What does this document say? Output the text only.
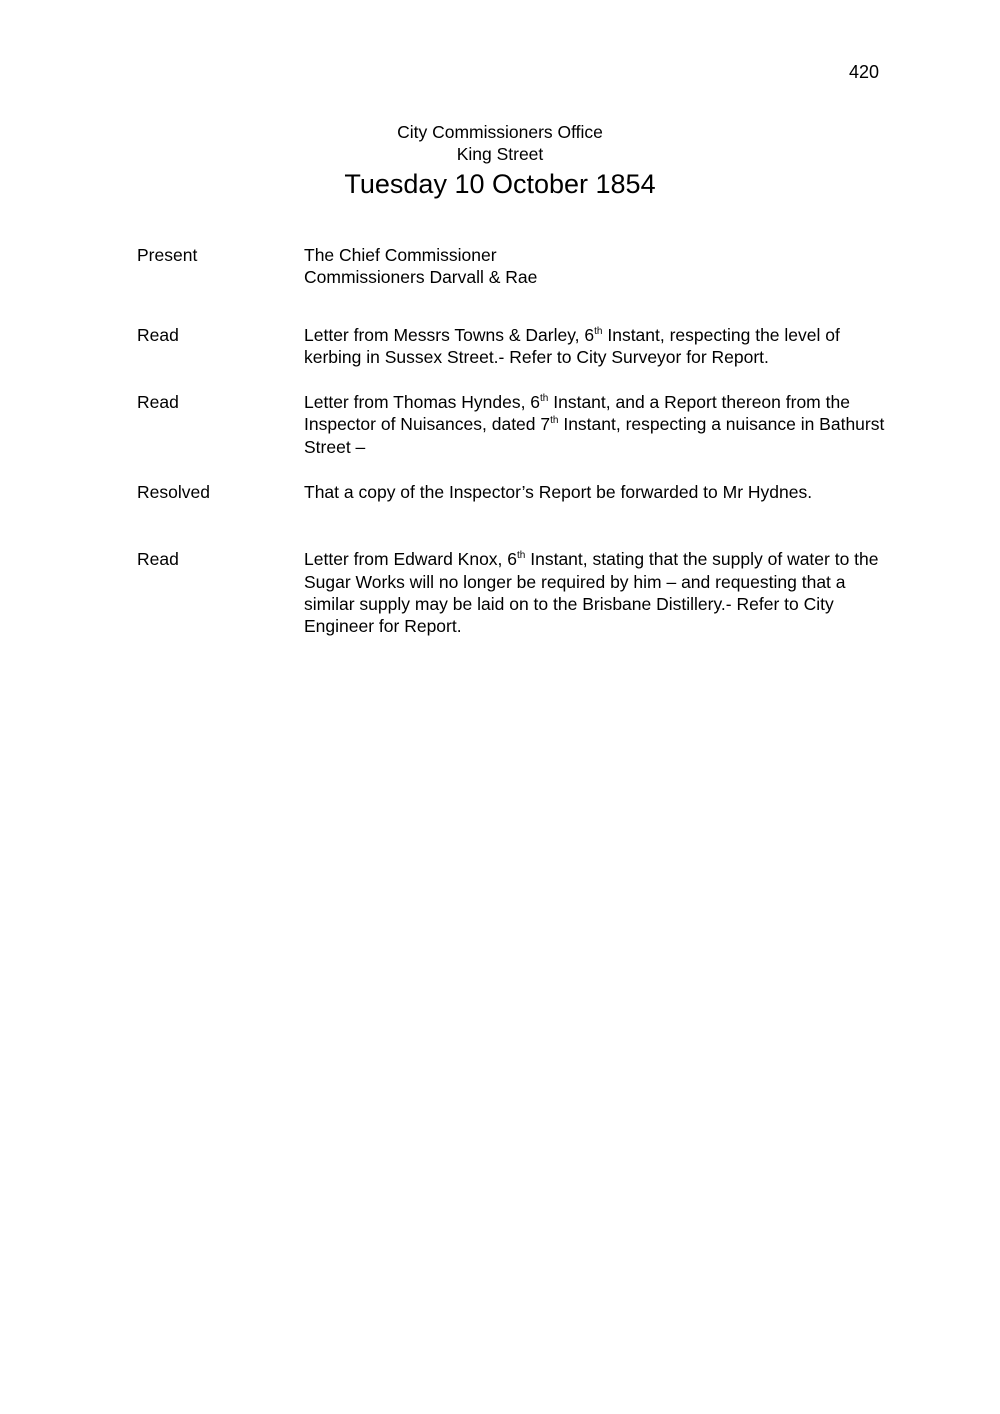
420
City Commissioners Office
King Street
Tuesday 10 October 1854
Present	The Chief Commissioner
Commissioners Darvall & Rae
Read	Letter from Messrs Towns & Darley, 6th Instant, respecting the level of
kerbing in Sussex Street.- Refer to City Surveyor for Report.
Read	Letter from Thomas Hyndes, 6th Instant, and a Report thereon from the
Inspector of Nuisances, dated 7th Instant, respecting a nuisance in Bathurst
Street –
Resolved	That a copy of the Inspector’s Report be forwarded to Mr Hydnes.
Read	Letter from Edward Knox, 6th Instant, stating that the supply of water to the
Sugar Works will no longer be required by him – and requesting that a
similar supply may be laid on to the Brisbane Distillery.- Refer to City
Engineer for Report.
